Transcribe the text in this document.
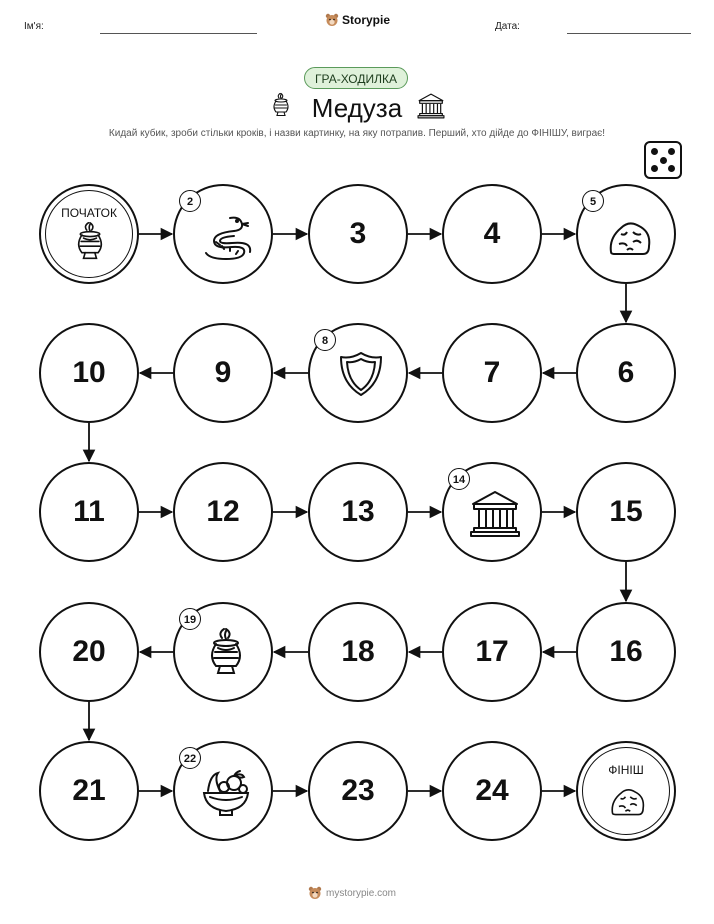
Ім'я:	Storypie	Дата:
ГРА-ХОДИЛКА
Медуза
Кидай кубик, зроби стільки кроків, і назви картинку, на яку потрапив. Перший, хто дійде до ФІНІШУ, виграє!
ПОЧАТОК
2
3	4
5
6
7
8
9
10
11	12	13
14
15
16
17
18
19
20
21
22
23	24
ФІНІШ
mystorypie.com
